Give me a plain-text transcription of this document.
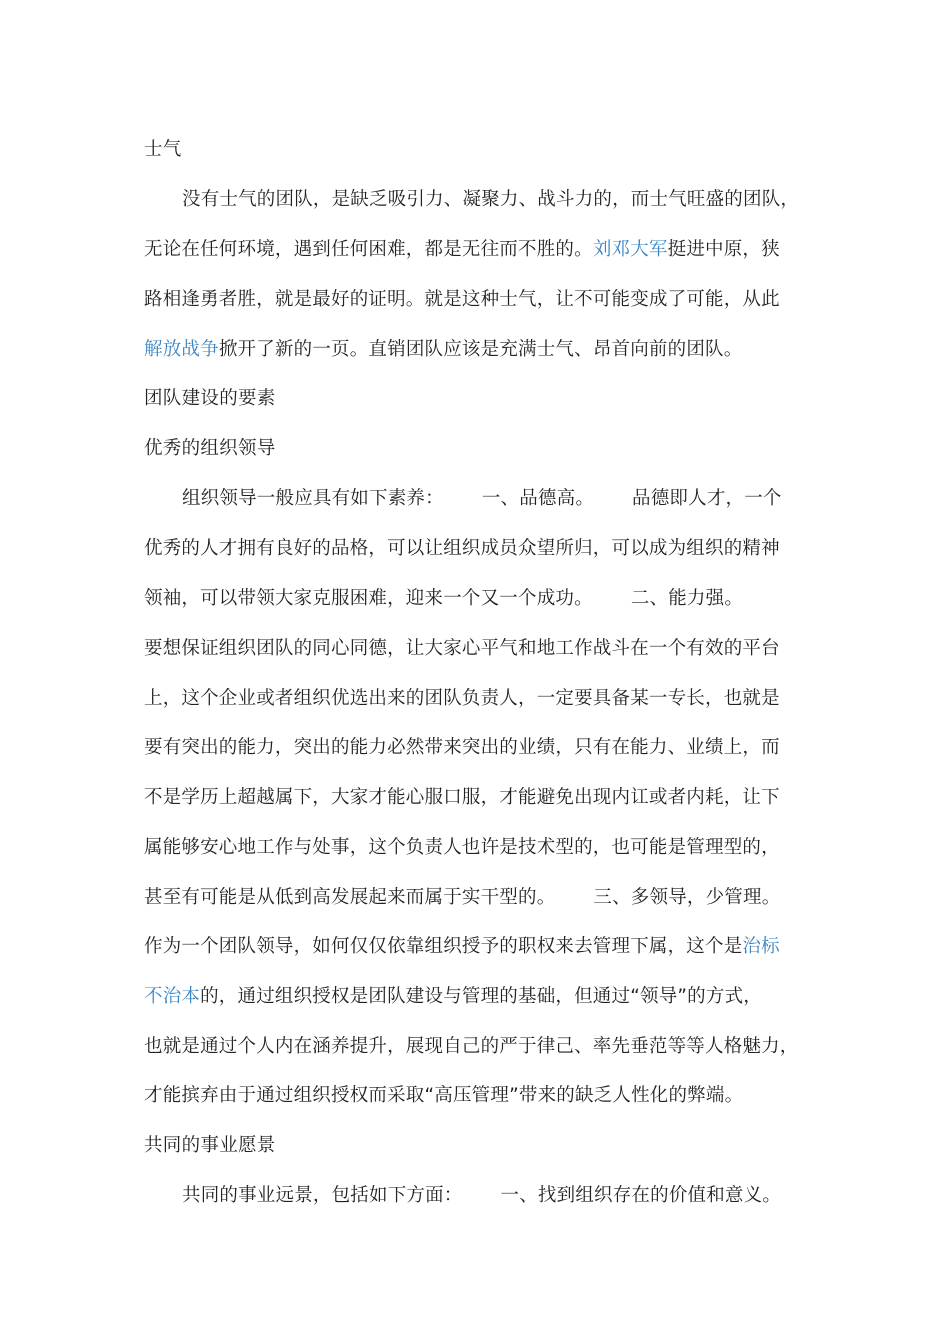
士气
没有士气的团队，是缺乏吸引力、凝聚力、战斗力的，而士气旺盛的团队，
无论在任何环境，遇到任何困难，都是无往而不胜的。刘邓大军挺进中原，狭
路相逢勇者胜，就是最好的证明。就是这种士气，让不可能变成了可能，从此
解放战争掀开了新的一页。直销团队应该是充满士气、昂首向前的团队。
团队建设的要素
优秀的组织领导
组织领导一般应具有如下素养： 一、品德高。 品德即人才，一个
优秀的人才拥有良好的品格，可以让组织成员众望所归，可以成为组织的精神
领袖，可以带领大家克服困难，迎来一个又一个成功。 二、能力强。
要想保证组织团队的同心同德，让大家心平气和地工作战斗在一个有效的平台
上，这个企业或者组织优选出来的团队负责人，一定要具备某一专长，也就是
要有突出的能力，突出的能力必然带来突出的业绩，只有在能力、业绩上，而
不是学历上超越属下，大家才能心服口服，才能避免出现内讧或者内耗，让下
属能够安心地工作与处事，这个负责人也许是技术型的，也可能是管理型的，
甚至有可能是从低到高发展起来而属于实干型的。 三、多领导，少管理。
作为一个团队领导，如何仅仅依靠组织授予的职权来去管理下属，这个是治标
不治本的，通过组织授权是团队建设与管理的基础，但通过“领导”的方式，
也就是通过个人内在涵养提升，展现自己的严于律己、率先垂范等等人格魅力，
才能摈弃由于通过组织授权而采取“高压管理”带来的缺乏人性化的弊端。
共同的事业愿景
共同的事业远景，包括如下方面： 一、找到组织存在的价值和意义。
